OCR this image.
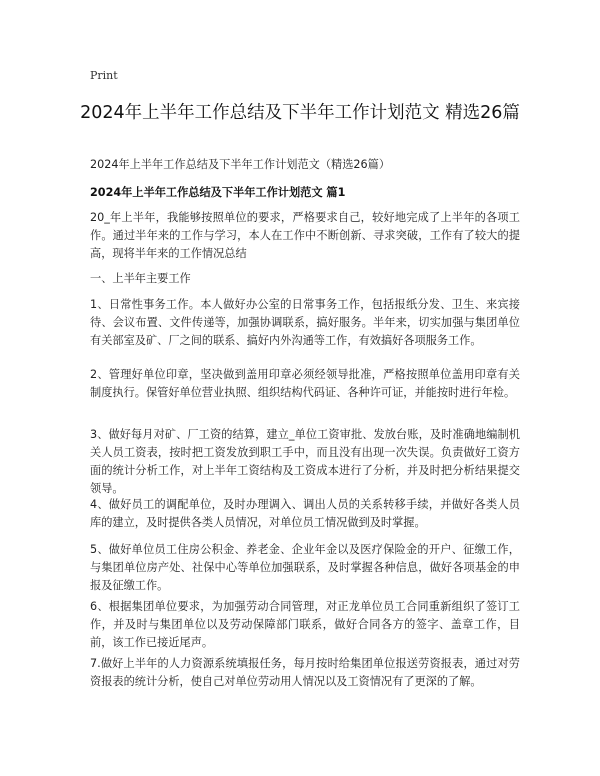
Print
2024年上半年工作总结及下半年工作计划范文 精选26篇
2024年上半年工作总结及下半年工作计划范文（精选26篇）
2024年上半年工作总结及下半年工作计划范文 篇1

20_年上半年，我能够按照单位的要求，严格要求自己，较好地完成了上半年的各项工作。通过半年来的工作与学习，本人在工作中不断创新、寻求突破，工作有了较大的提高，现将半年来的工作情况总结

一、上半年主要工作

1、日常性事务工作。本人做好办公室的日常事务工作，包括报纸分发、卫生、来宾接待、会议布置、文件传递等，加强协调联系，搞好服务。半年来，切实加强与集团单位有关部室及矿、厂之间的联系、搞好内外沟通等工作，有效搞好各项服务工作。

2、管理好单位印章，坚决做到盖用印章必须经领导批准，严格按照单位盖用印章有关制度执行。保管好单位营业执照、组织结构代码证、各种许可证，并能按时进行年检。

3、做好每月对矿、厂工资的结算，建立_单位工资审批、发放台账，及时准确地编制机关人员工资表，按时把工资发放到职工手中，而且没有出现一次失误。负责做好工资方面的统计分析工作，对上半年工资结构及工资成本进行了分析，并及时把分析结果提交领导。

4、做好员工的调配单位，及时办理调入、调出人员的关系转移手续，并做好各类人员库的建立，及时提供各类人员情况，对单位员工情况做到及时掌握。

5、做好单位员工住房公积金、养老金、企业年金以及医疗保险金的开户、征缴工作，与集团单位房产处、社保中心等单位加强联系，及时掌握各种信息，做好各项基金的申报及征缴工作。

6、根据集团单位要求，为加强劳动合同管理，对正龙单位员工合同重新组织了签订工作，并及时与集团单位以及劳动保障部门联系，做好合同各方的签字、盖章工作，目前，该工作已接近尾声。

7.做好上半年的人力资源系统填报任务，每月按时给集团单位报送劳资报表，通过对劳资报表的统计分析，使自己对单位劳动用人情况以及工资情况有了更深的了解。
